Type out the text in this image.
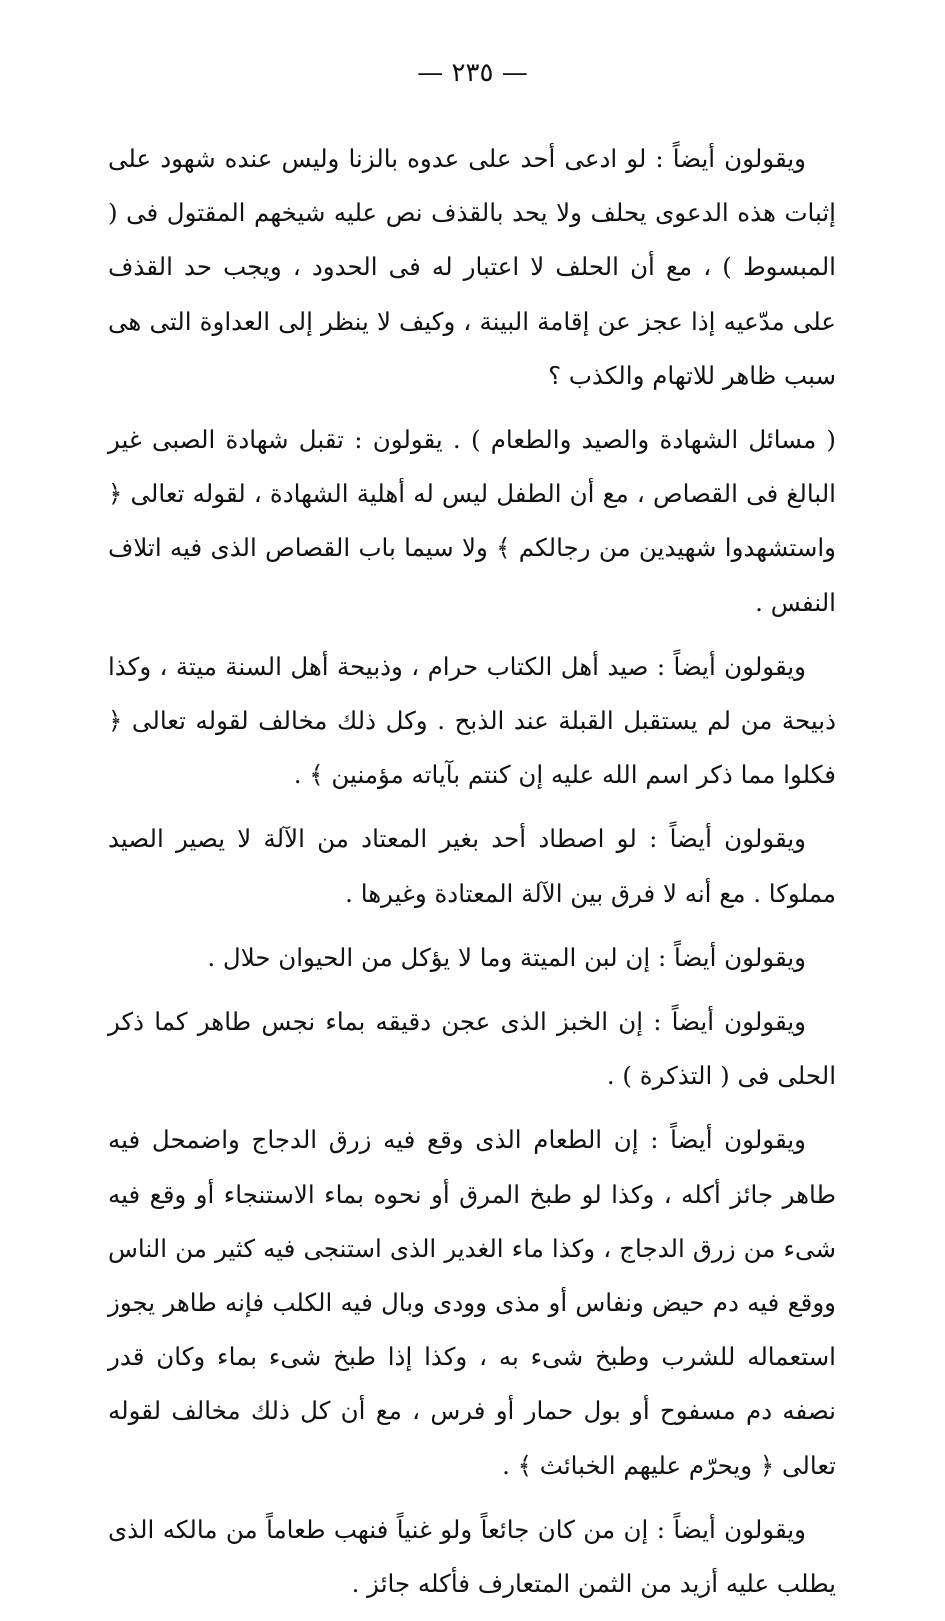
— ٢٣٥ —

ويقولون أيضاً : لو ادعى أحد على عدوه بالزنا وليس عنده شهود على إثبات هذه الدعوى يحلف ولا يحد بالقذف نص عليه شيخهم المقتول فى ( المبسوط ) ، مع أن الحلف لا اعتبار له فى الحدود ، ويجب حد القذف على مدّعيه إذا عجز عن إقامة البينة ، وكيف لا ينظر إلى العداوة التى هى سبب ظاهر للاتهام والكذب ؟

( مسائل الشهادة والصيد والطعام ) . يقولون : تقبل شهادة الصبى غير البالغ فى القصاص ، مع أن الطفل ليس له أهلية الشهادة ، لقوله تعالى ﴿ واستشهدوا شهيدين من رجالكم ﴾ ولا سيما باب القصاص الذى فيه اتلاف النفس .

ويقولون أيضاً : صيد أهل الكتاب حرام ، وذبيحة أهل السنة ميتة ، وكذا ذبيحة من لم يستقبل القبلة عند الذبح . وكل ذلك مخالف لقوله تعالى ﴿ فكلوا مما ذكر اسم الله عليه إن كنتم بآياته مؤمنين ﴾ .

ويقولون أيضاً : لو اصطاد أحد بغير المعتاد من الآلة لا يصير الصيد مملوكا . مع أنه لا فرق بين الآلة المعتادة وغيرها .

ويقولون أيضاً : إن لبن الميتة وما لا يؤكل من الحيوان حلال .

ويقولون أيضاً : إن الخبز الذى عجن دقيقه بماء نجس طاهر كما ذكر الحلى فى ( التذكرة ) .

ويقولون أيضاً : إن الطعام الذى وقع فيه زرق الدجاج واضمحل فيه طاهر جائز أكله ، وكذا لو طبخ المرق أو نحوه بماء الاستنجاء أو وقع فيه شىء من زرق الدجاج ، وكذا ماء الغدير الذى استنجى فيه كثير من الناس ووقع فيه دم حيض ونفاس أو مذى وودى وبال فيه الكلب فإنه طاهر يجوز استعماله للشرب وطبخ شىء به ، وكذا إذا طبخ شىء بماء وكان قدر نصفه دم مسفوح أو بول حمار أو فرس ، مع أن كل ذلك مخالف لقوله تعالى ﴿ ويحرّم عليهم الخبائث ﴾ .

ويقولون أيضاً : إن من كان جائعاً ولو غنياً فنهب طعاماً من مالكه الذى يطلب عليه أزيد من الثمن المتعارف فأكله جائز .
